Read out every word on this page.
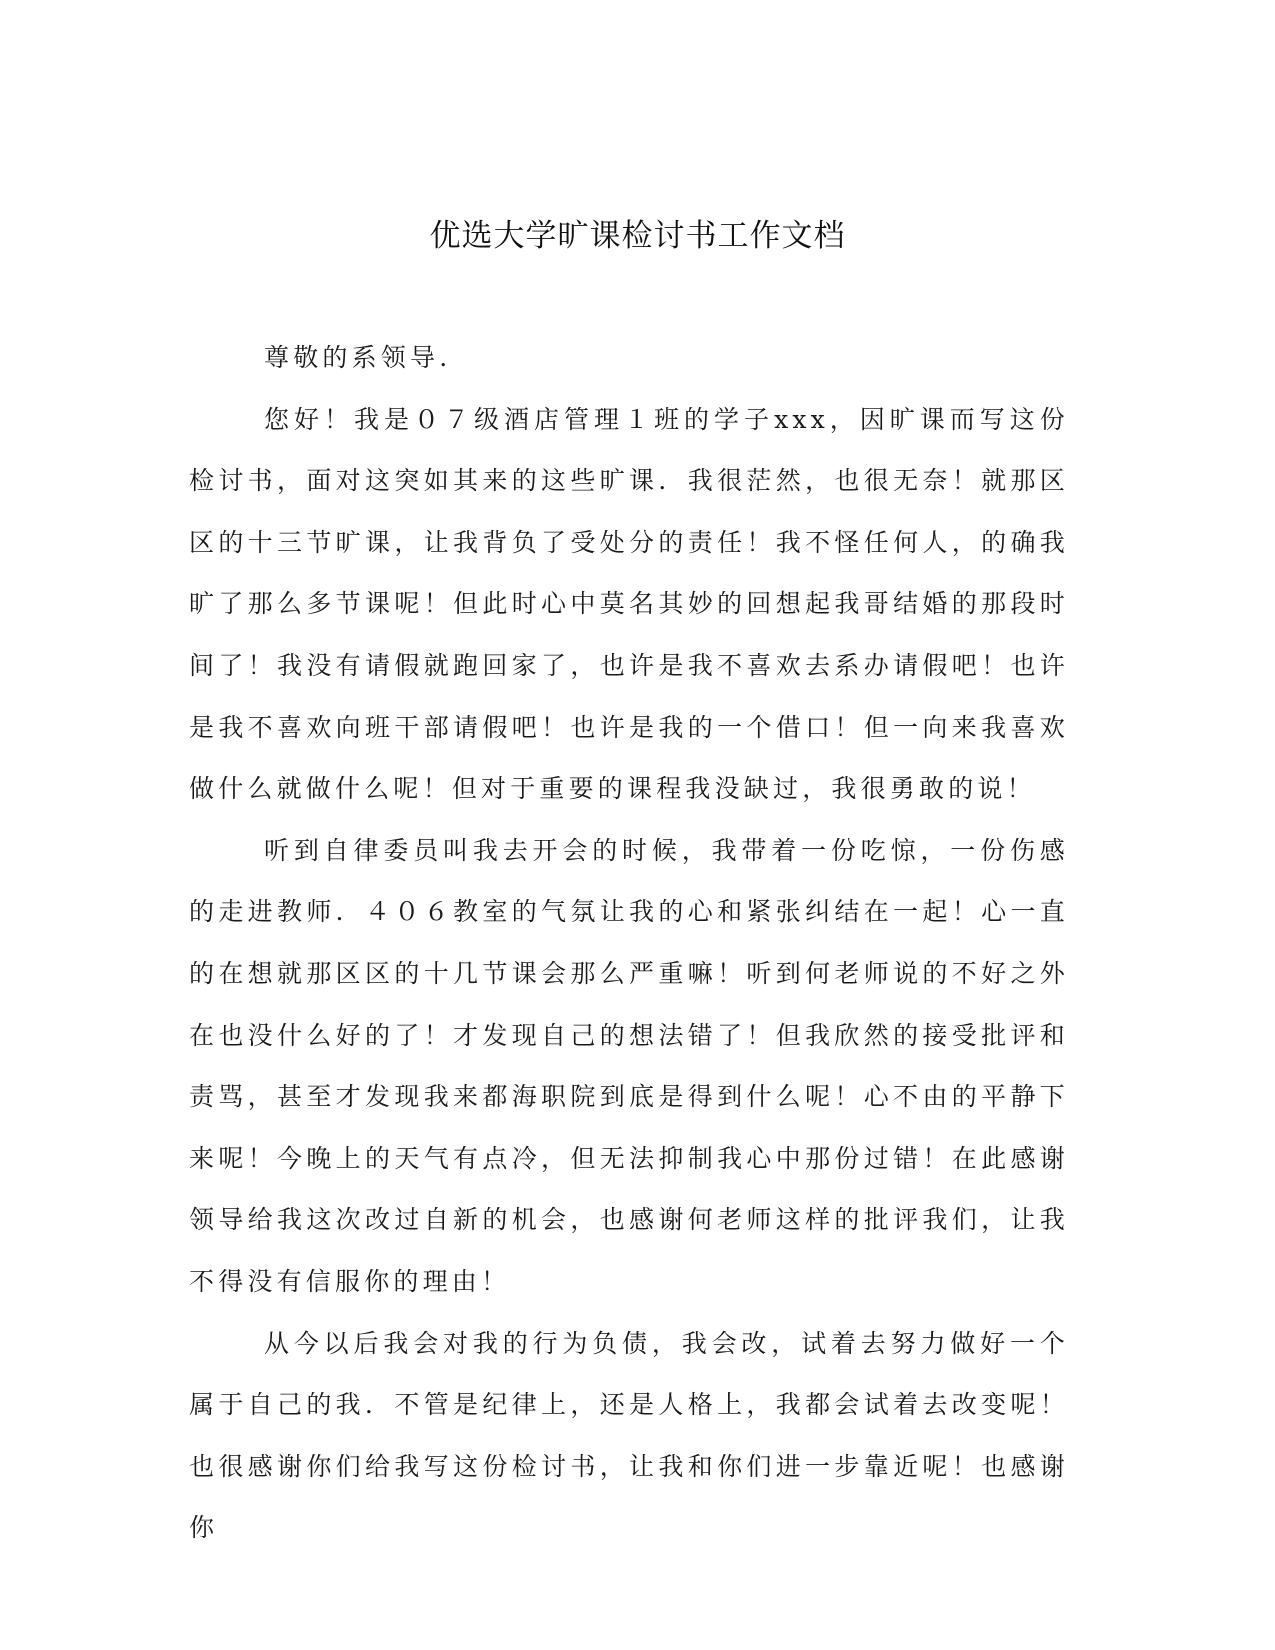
优选大学旷课检讨书工作文档

尊敬的系领导.

您好！我是０７级酒店管理１班的学子xxx，因旷课而写这份检讨书，面对这突如其来的这些旷课．我很茫然，也很无奈！就那区区的十三节旷课，让我背负了受处分的责任！我不怪任何人，的确我旷了那么多节课呢！但此时心中莫名其妙的回想起我哥结婚的那段时间了！我没有请假就跑回家了，也许是我不喜欢去系办请假吧！也许是我不喜欢向班干部请假吧！也许是我的一个借口！但一向来我喜欢做什么就做什么呢！但对于重要的课程我没缺过，我很勇敢的说！

听到自律委员叫我去开会的时候，我带着一份吃惊，一份伤感的走进教师．４０６教室的气氛让我的心和紧张纠结在一起！心一直的在想就那区区的十几节课会那么严重嘛！听到何老师说的不好之外在也没什么好的了！才发现自己的想法错了！但我欣然的接受批评和责骂，甚至才发现我来都海职院到底是得到什么呢！心不由的平静下来呢！今晚上的天气有点冷，但无法抑制我心中那份过错！在此感谢领导给我这次改过自新的机会，也感谢何老师这样的批评我们，让我不得没有信服你的理由！

从今以后我会对我的行为负债，我会改，试着去努力做好一个属于自己的我．不管是纪律上，还是人格上，我都会试着去改变呢！也很感谢你们给我写这份检讨书，让我和你们进一步靠近呢！也感谢你
